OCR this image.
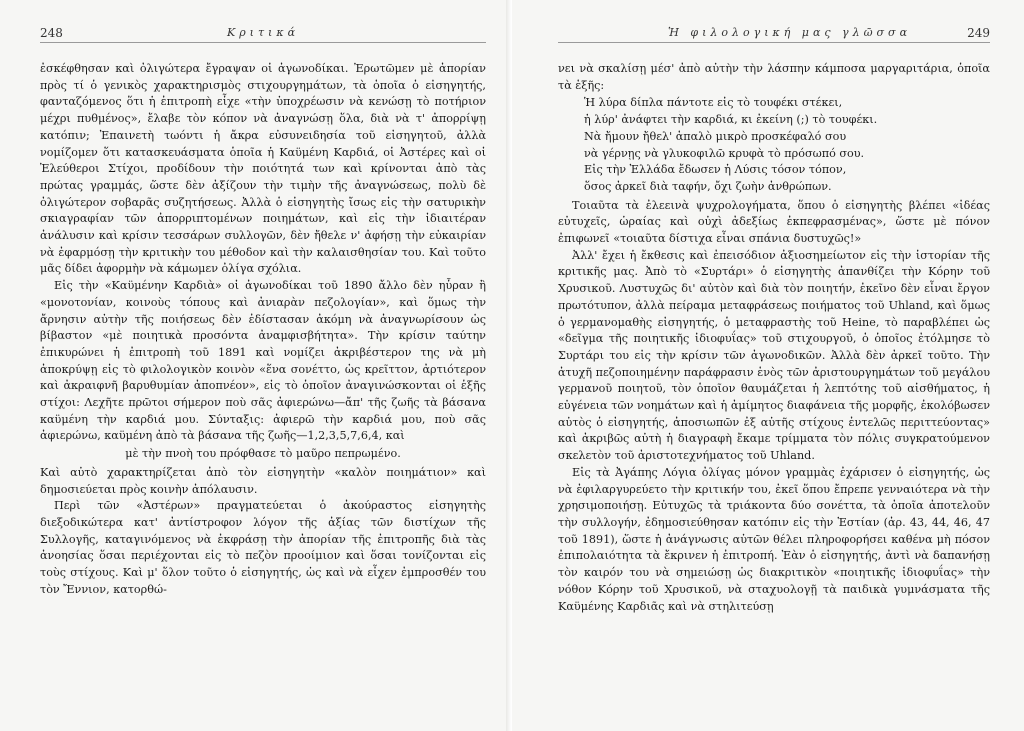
248	Κριτικά

ἐσκέφθησαν καὶ ὀλιγώτερα ἔγραψαν οἱ ἀγωνοδίκαι. Ἐρωτῶμεν μὲ ἀπορίαν πρὸς τί ὁ γενικὸς χαρακτηρισμὸς στιχουργημάτων, τὰ ὁποῖα ὁ εἰσηγητής, φανταζόμενος ὅτι ἡ ἐπιτροπὴ εἶχε «τὴν ὑποχρέωσιν νὰ κενώσῃ τὸ ποτήριον μέχρι πυθμένος», ἔλαβε τὸν κόπον νὰ ἀναγνώσῃ ὅλα, διὰ νὰ τ' ἀπορρίψῃ κατόπιν; Ἐπαινετὴ τωόντι ἡ ἄκρα εὐσυνειδησία τοῦ εἰσηγητοῦ, ἀλλὰ νομίζομεν ὅτι κατασκευάσματα ὁποῖα ἡ Καϋμένη Καρδιά, οἱ Ἀστέρες καὶ οἱ Ἐλεύθεροι Στίχοι, προδίδουν τὴν ποιότητά των καὶ κρίνονται ἀπὸ τὰς πρώτας γραμμάς, ὥστε δὲν ἀξίζουν τὴν τιμὴν τῆς ἀναγνώσεως, πολὺ δὲ ὀλιγώτερον σοβαρᾶς συζητήσεως. Ἀλλὰ ὁ εἰσηγητὴς ἴσως εἰς τὴν σατυρικὴν σκιαγραφίαν τῶν ἀπορριπτομένων ποιημάτων, καὶ εἰς τὴν ἰδιαιτέραν ἀνάλυσιν καὶ κρίσιν τεσσάρων συλλογῶν, δὲν ἤθελε ν' ἀφήσῃ τὴν εὐκαιρίαν νὰ ἐφαρμόσῃ τὴν κριτικὴν του μέθοδον καὶ τὴν καλαισθησίαν του. Καὶ τοῦτο μᾶς δίδει ἀφορμὴν νὰ κάμωμεν ὀλίγα σχόλια.

Εἰς τὴν «Καϋμένην Καρδιὰ» οἱ ἀγωνοδίκαι τοῦ 1890 ἄλλο δὲν ηὗραν ἢ «μονοτονίαν, κοινοὺς τόπους καὶ ἀνιαρὰν πεζολογίαν», καὶ ὅμως τὴν ἄρνησιν αὐτὴν τῆς ποιήσεως δὲν ἐδίστασαν ἀκόμη νὰ ἀναγνωρίσουν ὡς βίβαστον «μὲ ποιητικὰ προσόντα ἀναμφισβήτητα». Τὴν κρίσιν ταύτην ἐπικυρώνει ἡ ἐπιτροπὴ τοῦ 1891 καὶ νομίζει ἀκριβέστερον της νὰ μὴ ἀποκρύψῃ εἰς τὸ φιλολογικὸν κοινὸν «ἕνα σονέττο, ὡς κρεῖττον, ἀρτιότερον καὶ ἀκραιφνῆ βαρυθυμίαν ἀποπνέον», εἰς τὸ ὁποῖον ἀναγινώσκονται οἱ ἑξῆς στίχοι: Λεχῆτε πρῶτοι σήμερον ποὺ σᾶς ἀφιερώνω—ἄπ' τῆς ζωῆς τὰ βάσανα καϋμένη τὴν καρδιά μου. Σύνταξις: ἀφιερῶ τὴν καρδιά μου, ποὺ σᾶς ἀφιερώνω, καϋμένη ἀπὸ τὰ βάσανα τῆς ζωῆς—1,2,3,5,7,6,4, καὶ

μὲ τὴν πνοὴ του πρόφθασε τὸ μαῦρο πεπρωμένο.

Καὶ αὐτὸ χαρακτηρίζεται ἀπὸ τὸν εἰσηγητὴν «καλὸν ποιημάτιον» καὶ δημοσιεύεται πρὸς κοινὴν ἀπόλαυσιν.

Περὶ τῶν «Ἀστέρων» πραγματεύεται ὁ ἀκούραστος εἰσηγητὴς διεξοδικώτερα κατ' ἀντίστροφον λόγον τῆς ἀξίας τῶν διστίχων τῆς Συλλογῆς, καταγινόμενος νὰ ἐκφράσῃ τὴν ἀπορίαν τῆς ἐπιτροπῆς διὰ τὰς ἀνοησίας ὅσαι περιέχονται εἰς τὸ πεζὸν προοίμιον καὶ ὅσαι τονίζονται εἰς τοὺς στίχους. Καὶ μ' ὅλον τοῦτο ὁ εἰσηγητής, ὡς καὶ νὰ εἶχεν ἐμπροσθέν του τὸν Ἔννιον, κατορθώ-

Ἡ φιλολογική μας γλῶσσα	249

νει νὰ σκαλίσῃ μέσ' ἀπὸ αὐτὴν τὴν λάσπην κάμποσα μαργαριτάρια, ὁποῖα τὰ ἑξῆς:

Ἡ λύρα δίπλα πάντοτε εἰς τὸ τουφέκι στέκει,
ἡ λύρ' ἀνάφτει τὴν καρδιά, κι ἐκείνη (;) τὸ τουφέκι.
Νὰ ἤμουν ἤθελ' ἁπαλὸ μικρὸ προσκέφαλό σου
νὰ γέρνῃς νὰ γλυκοφιλῶ κρυφὰ τὸ πρόσωπό σου.
Εἰς τὴν Ἑλλάδα ἔδωσεν ἡ Λύσις τόσον τόπον,
ὅσος ἀρκεῖ διὰ ταφήν, ὄχι ζωὴν ἀνθρώπων.

Τοιαῦτα τὰ ἐλεεινὰ ψυχρολογήματα, ὅπου ὁ εἰσηγητὴς βλέπει «ἰδέας εὐτυχεῖς, ὡραίας καὶ οὐχὶ ἀδεξίως ἐκπεφρασμένας», ὥστε μὲ πόνον ἐπιφωνεῖ «τοιαῦτα δίστιχα εἶναι σπάνια δυστυχῶς!»

Ἀλλ' ἔχει ἡ ἔκθεσις καὶ ἐπεισόδιον ἀξιοσημείωτον εἰς τὴν ἱστορίαν τῆς κριτικῆς μας. Ἀπὸ τὸ «Συρτάρι» ὁ εἰσηγητὴς ἀπανθίζει τὴν Κόρην τοῦ Χρυσικοῦ. Λυστυχῶς δι' αὐτὸν καὶ διὰ τὸν ποιητήν, ἐκεῖνο δὲν εἶναι ἔργον πρωτότυπον, ἀλλὰ πείραμα μεταφράσεως ποιήματος τοῦ Uhland, καὶ ὅμως ὁ γερμανομαθὴς εἰσηγητής, ὁ μεταφραστὴς τοῦ Heine, τὸ παραβλέπει ὡς «δεῖγμα τῆς ποιητικῆς ἰδιοφυΐας» τοῦ στιχουργοῦ, ὁ ὁποῖος ἐτόλμησε τὸ Συρτάρι του εἰς τὴν κρίσιν τῶν ἀγωνοδικῶν. Ἀλλὰ δὲν ἀρκεῖ τοῦτο. Τὴν ἀτυχῆ πεζοποιημένην παράφρασιν ἑνὸς τῶν ἀριστουργημάτων τοῦ μεγάλου γερμανοῦ ποιητοῦ, τὸν ὁποῖον θαυμάζεται ἡ λεπτότης τοῦ αἰσθήματος, ἡ εὐγένεια τῶν νοημάτων καὶ ἡ ἀμίμητος διαφάνεια τῆς μορφῆς, ἐκολόβωσεν αὐτὸς ὁ εἰσηγητής, ἀποσιωπῶν ἐξ αὐτῆς στίχους ἐντελῶς περιττεύοντας» καὶ ἀκριβῶς αὐτὴ ἡ διαγραφὴ ἔκαμε τρίμματα τὸν πόλις συγκρατούμενον σκελετὸν τοῦ ἀριστοτεχνήματος τοῦ Uhland.

Εἰς τὰ Ἀγάπης Λόγια ὀλίγας μόνον γραμμὰς ἐχάρισεν ὁ εἰσηγητής, ὡς νὰ ἐφιλαργυρεύετο τὴν κριτικήν του, ἐκεῖ ὅπου ἔπρεπε γενναιότερα νὰ τὴν χρησιμοποιήσῃ. Εὐτυχῶς τὰ τριάκοντα δύο σονέττα, τὰ ὁποῖα ἀποτελοῦν τὴν συλλογήν, ἐδημοσιεύθησαν κατόπιν εἰς τὴν Ἑστίαν (ἀρ. 43, 44, 46, 47 τοῦ 1891), ὥστε ἡ ἀνάγνωσις αὐτῶν θέλει πληροφορήσει καθένα μὴ πόσον ἐπιπολαιότητα τὰ ἔκρινεν ἡ ἐπιτροπή. Ἐὰν ὁ εἰσηγητής, ἀντὶ νὰ δαπανήσῃ τὸν καιρόν του νὰ σημειώσῃ ὡς διακριτικὸν «ποιητικῆς ἰδιοφυΐας» τὴν νόθον Κόρην τοῦ Χρυσικοῦ, νὰ σταχυολογῇ τὰ παιδικὰ γυμνάσματα τῆς Καϋμένης Καρδιᾶς καὶ νὰ στηλιτεύσῃ
